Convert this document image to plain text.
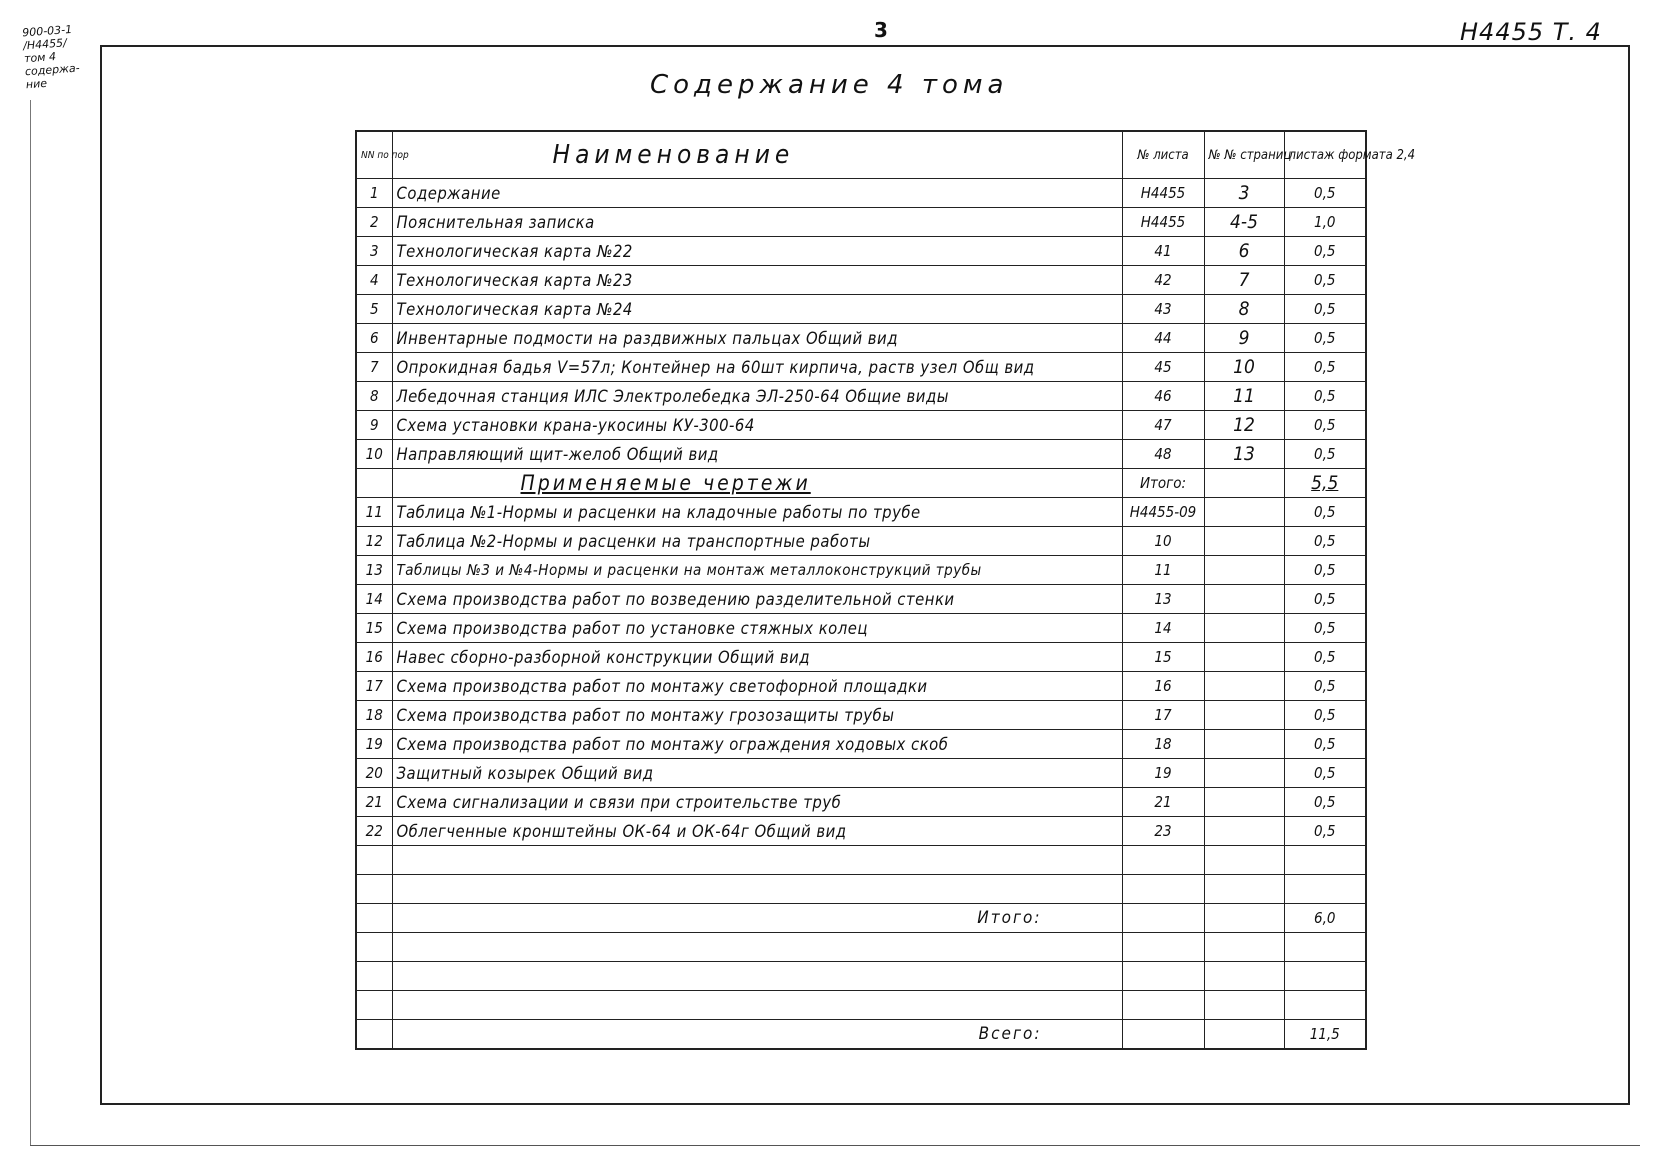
900-03-1
/Н4455/
том 4
содержа-
ние
3	Н4455 Т. 4
Содержание 4 тома
NN по пор	Наименование	№ листа	№ № страниц	листаж формата 2,4
1	Содержание	Н4455	3	0,5
2	Пояснительная записка	Н4455	4-5	1,0
3	Технологическая карта №22	41	6	0,5
4	Технологическая карта №23	42	7	0,5
5	Технологическая карта №24	43	8	0,5
6	Инвентарные подмости на раздвижных пальцах Общий вид	44	9	0,5
7	Опрокидная бадья V=57л; Контейнер на 60шт кирпича, раств узел Общ вид	45	10	0,5
8	Лебедочная станция ИЛС Электролебедка ЭЛ-250-64 Общие виды	46	11	0,5
9	Схема установки крана-укосины КУ-300-64	47	12	0,5
10	Направляющий щит-желоб Общий вид	48	13	0,5
	Применяемые чертежи	Итого:		5,5
11	Таблица №1-Нормы и расценки на кладочные работы по трубе	Н4455-09		0,5
12	Таблица №2-Нормы и расценки на транспортные работы	10		0,5
13	Таблицы №3 и №4-Нормы и расценки на монтаж металлоконструкций трубы	11		0,5
14	Схема производства работ по возведению разделительной стенки	13		0,5
15	Схема производства работ по установке стяжных колец	14		0,5
16	Навес сборно-разборной конструкции Общий вид	15		0,5
17	Схема производства работ по монтажу светофорной площадки	16		0,5
18	Схема производства работ по монтажу грозозащиты трубы	17		0,5
19	Схема производства работ по монтажу ограждения ходовых скоб	18		0,5
20	Защитный козырек Общий вид	19		0,5
21	Схема сигнализации и связи при строительстве труб	21		0,5
22	Облегченные кронштейны ОК-64 и ОК-64г Общий вид	23		0,5

	Итого:			6,0

	Всего:			11,5
